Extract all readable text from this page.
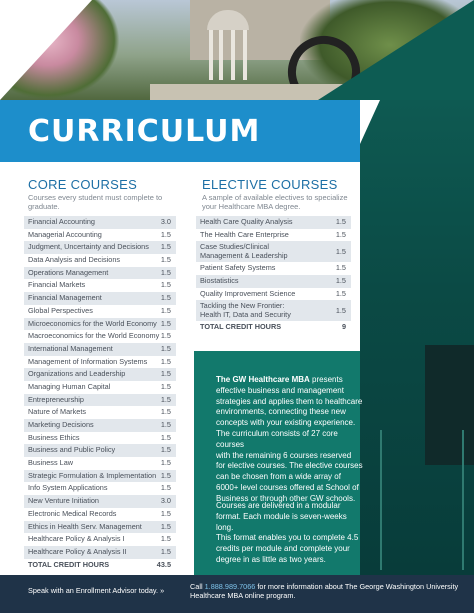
CURRICULUM
CORE COURSES
Courses every student must complete to
graduate.
Financial Accounting	3.0
Managerial Accounting	1.5
Judgment, Uncertainty and Decisions 1.5
Data Analysis and Decisions	1.5
Operations Management	1.5
Financial Markets	1.5
Financial Management	1.5
Global Perspectives	1.5
Microeconomics for the World Economy 1.5
Macroeconomics for the World Economy 1.5
International Management	1.5
Management of Information Systems 1.5
Organizations and Leadership	1.5
Managing Human Capital	1.5
Entrepreneurship	1.5
Nature of Markets	1.5
Marketing Decisions	1.5
Business Ethics	1.5
Business and Public Policy	1.5
Business Law	1.5
Strategic Formulation & Implementation 1.5
Info System Applications	1.5
New Venture Initiation	3.0
Electronic Medical Records	1.5
Ethics in Health Serv. Management	1.5
Healthcare Policy & Analysis I	1.5
Healthcare Policy & Analysis II	1.5
TOTAL CREDIT HOURS	43.5
ELECTIVE COURSES
A sample of available electives to specialize
your Healthcare MBA degree.
Health Care Quality Analysis	1.5
The Health Care Enterprise	1.5
Case Studies/Clinical
Management & Leadership	1.5
Patient Safety Systems	1.5
Biostatistics	1.5
Quality Improvement Science	1.5
Tackling the New Frontier:
Health IT, Data and Security	1.5
TOTAL CREDIT HOURS	9
The GW Healthcare MBA presents
effective business and management
strategies and applies them to healthcare
environments, connecting these new
concepts with your existing experience.
The curriculum consists of 27 core courses
with the remaining 6 courses reserved
for elective courses. The elective courses
can be chosen from a wide array of
6000+ level courses offered at School of
Business or through other GW schools.
Courses are delivered in a modular
format. Each module is seven-weeks long.
This format enables you to complete 4.5
credits per module and complete your
degree in as little as two years.
Speak with an Enrollment Advisor today. »	Call 1.888.989.7066 for more information about The George Washington University
Healthcare MBA online program.
